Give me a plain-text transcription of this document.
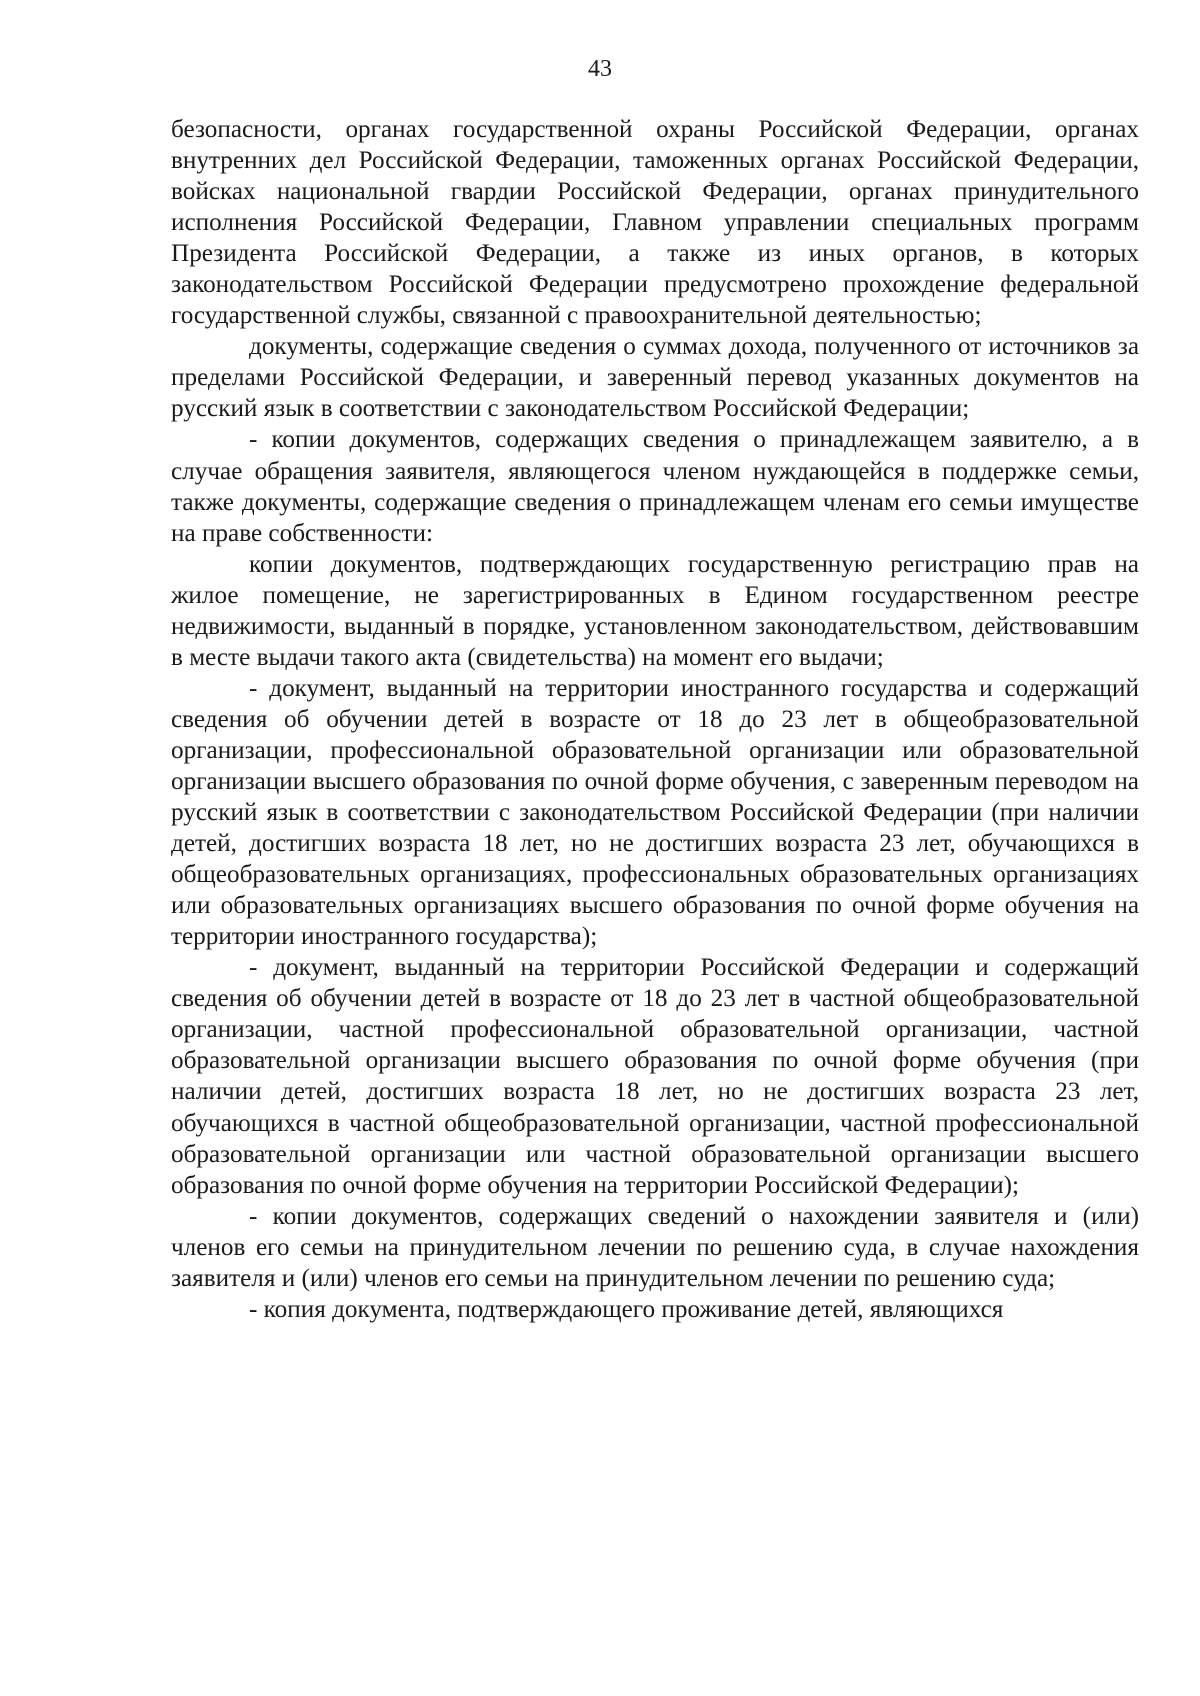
43

безопасности, органах государственной охраны Российской Федерации, органах внутренних дел Российской Федерации, таможенных органах Российской Федерации, войсках национальной гвардии Российской Федерации, органах принудительного исполнения Российской Федерации, Главном управлении специальных программ Президента Российской Федерации, а также из иных органов, в которых законодательством Российской Федерации предусмотрено прохождение федеральной государственной службы, связанной с правоохранительной деятельностью;

документы, содержащие сведения о суммах дохода, полученного от источников за пределами Российской Федерации, и заверенный перевод указанных документов на русский язык в соответствии с законодательством Российской Федерации;

- копии документов, содержащих сведения о принадлежащем заявителю, а в случае обращения заявителя, являющегося членом нуждающейся в поддержке семьи, также документы, содержащие сведения о принадлежащем членам его семьи имуществе на праве собственности:

копии документов, подтверждающих государственную регистрацию прав на жилое помещение, не зарегистрированных в Едином государственном реестре недвижимости, выданный в порядке, установленном законодательством, действовавшим в месте выдачи такого акта (свидетельства) на момент его выдачи;

- документ, выданный на территории иностранного государства и содержащий сведения об обучении детей в возрасте от 18 до 23 лет в общеобразовательной организации, профессиональной образовательной организации или образовательной организации высшего образования по очной форме обучения, с заверенным переводом на русский язык в соответствии с законодательством Российской Федерации (при наличии детей, достигших возраста 18 лет, но не достигших возраста 23 лет, обучающихся в общеобразовательных организациях, профессиональных образовательных организациях или образовательных организациях высшего образования по очной форме обучения на территории иностранного государства);

- документ, выданный на территории Российской Федерации и содержащий сведения об обучении детей в возрасте от 18 до 23 лет в частной общеобразовательной организации, частной профессиональной образовательной организации, частной образовательной организации высшего образования по очной форме обучения (при наличии детей, достигших возраста 18 лет, но не достигших возраста 23 лет, обучающихся в частной общеобразовательной организации, частной профессиональной образовательной организации или частной образовательной организации высшего образования по очной форме обучения на территории Российской Федерации);

- копии документов, содержащих сведений о нахождении заявителя и (или) членов его семьи на принудительном лечении по решению суда, в случае нахождения заявителя и (или) членов его семьи на принудительном лечении по решению суда;

- копия документа, подтверждающего проживание детей, являющихся
